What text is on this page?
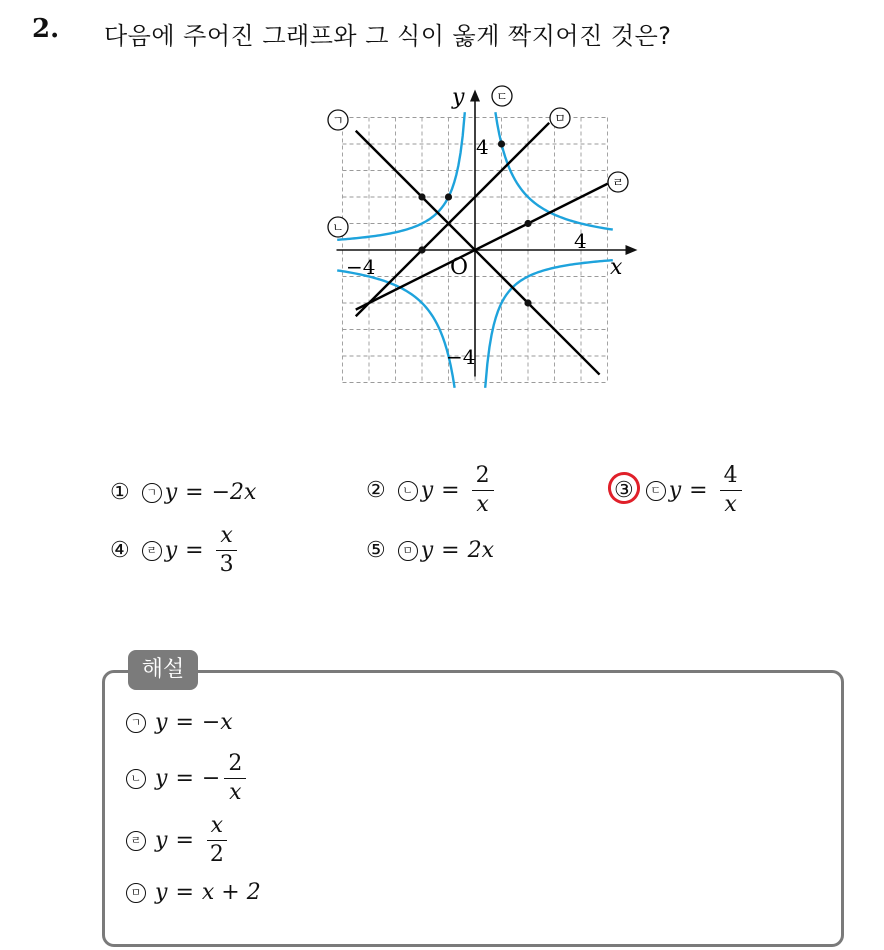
2. 다음에 주어진 그래프와 그 식이 옳게 짝지어진 것은?
y
x
O
4
−4
4
−4
ㄱ
ㄴ
ㄷ
ㄹ
ㅁ
①	ㄱ y = −2x	②	ㄴ $y = \frac{2}{x}$	③	ㄷ $y = \frac{4}{x}$
④	ㄹ $y = \frac{x}{3}$	⑤	ㅁ y = 2x
해설
ㄱ y = −x
ㄴ y = − $\frac{2}{x}$
ㄹ $y = \frac{x}{2}$
ㅁ y = x + 2
